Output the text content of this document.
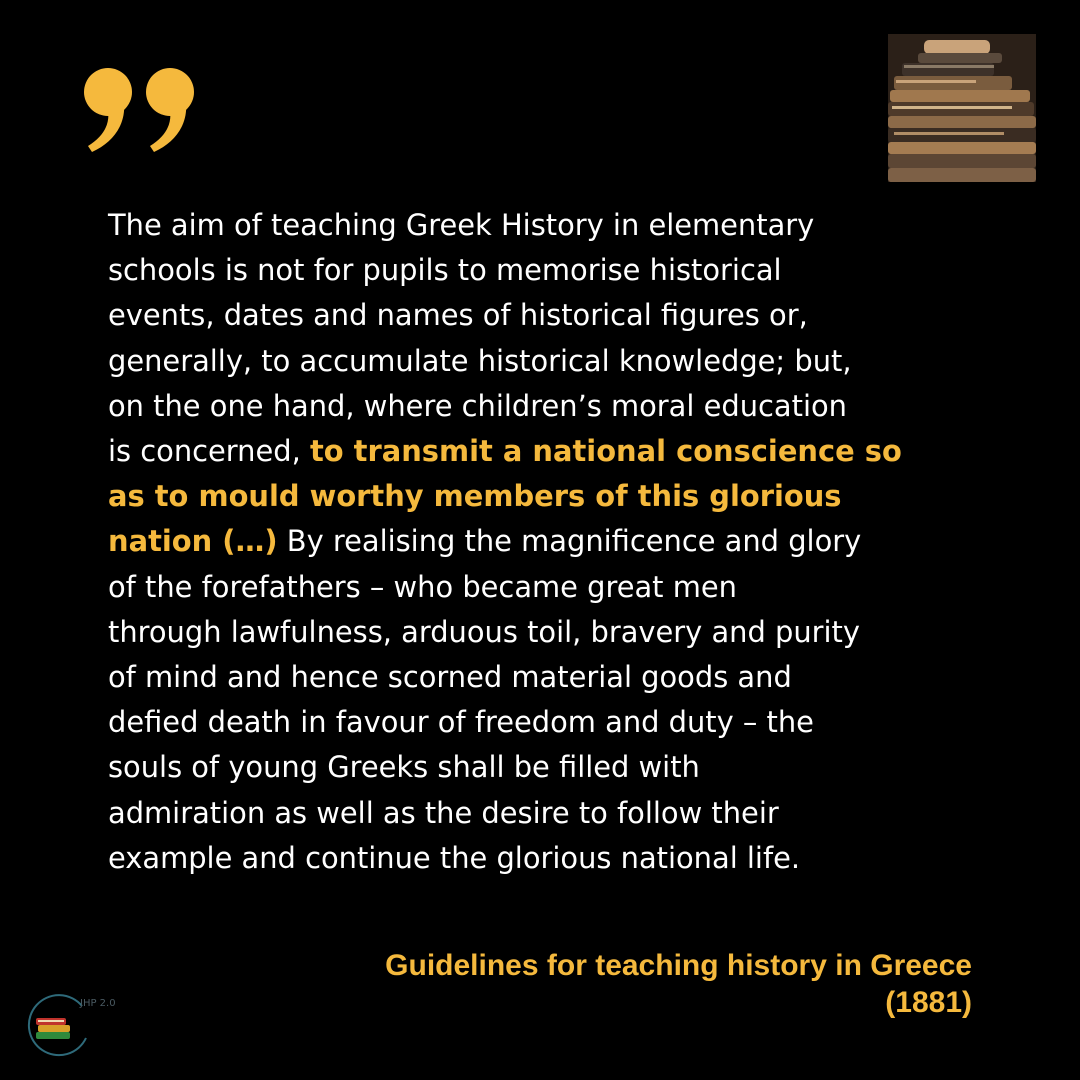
The aim of teaching Greek History in elementary
schools is not for pupils to memorise historical
events, dates and names of historical figures or,
generally, to accumulate historical knowledge; but,
on the one hand, where children’s moral education
is concerned, to transmit a national conscience so
as to mould worthy members of this glorious
nation (…) By realising the magnificence and glory
of the forefathers – who became great men
through lawfulness, arduous toil, bravery and purity
of mind and hence scorned material goods and
defied death in favour of freedom and duty – the
souls of young Greeks shall be filled with
admiration as well as the desire to follow their
example and continue the glorious national life.
Guidelines for teaching history in Greece
(1881)
JHP 2.0
